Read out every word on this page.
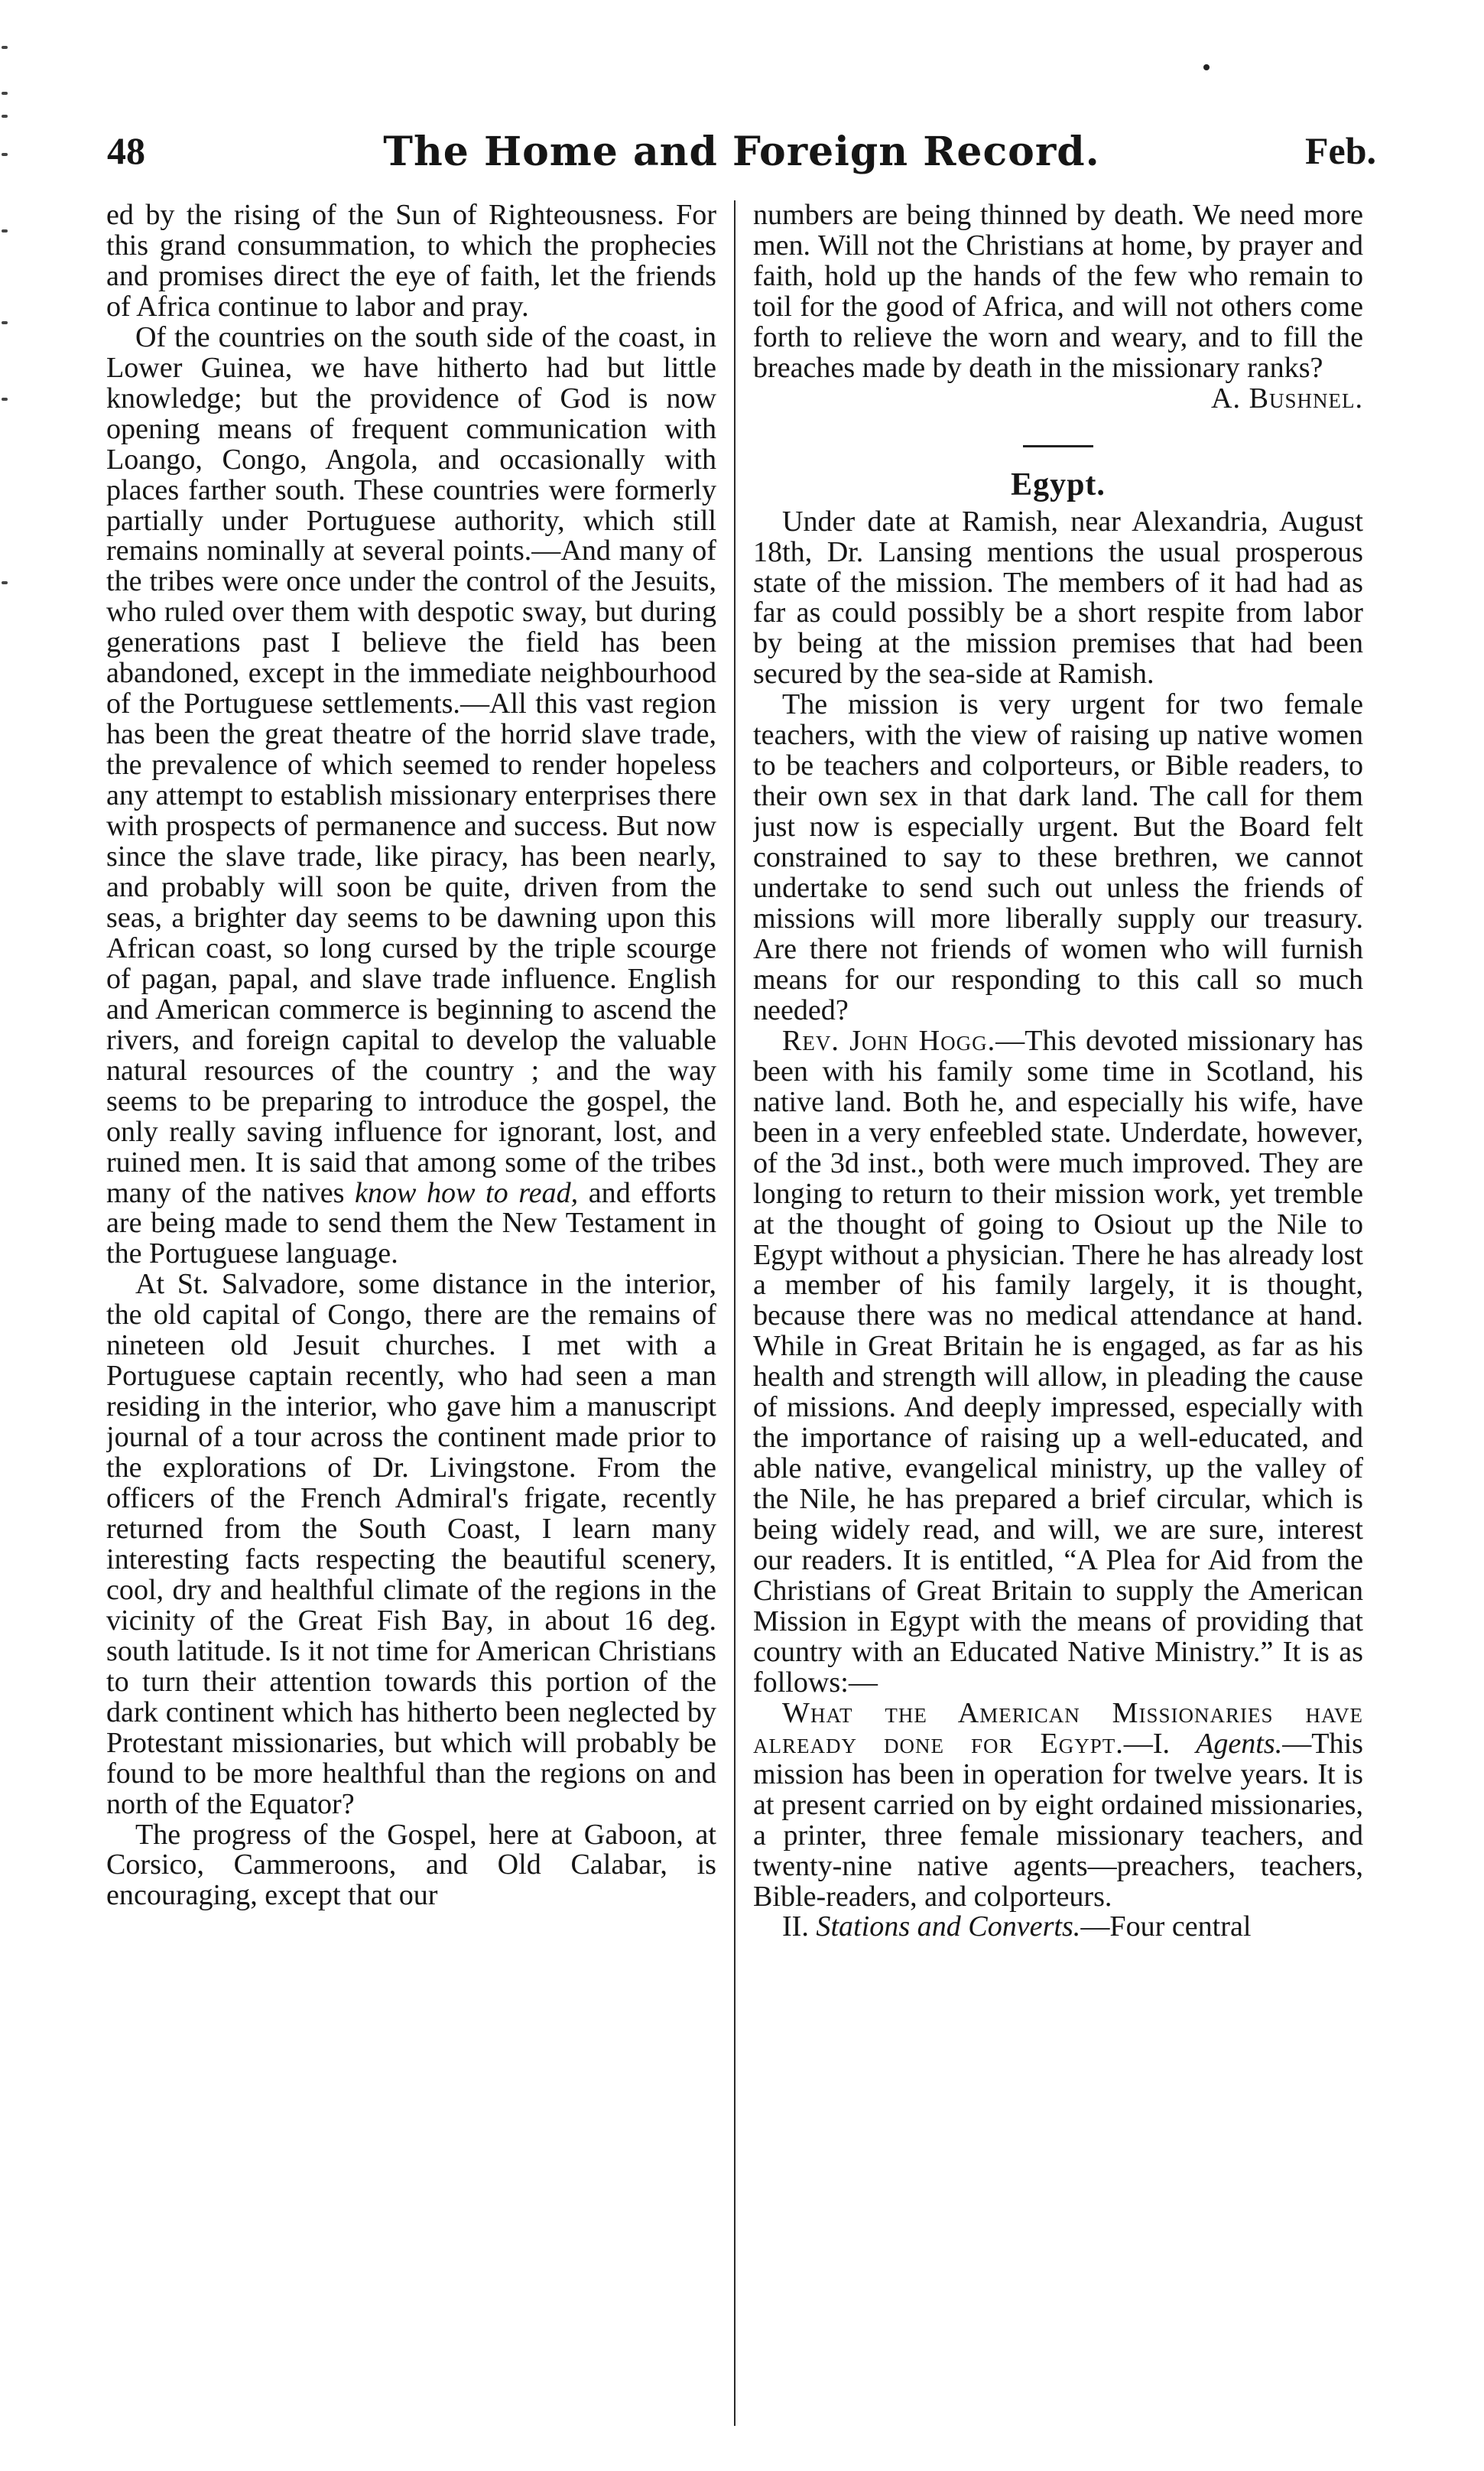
48	The Home and Foreign Record.	Feb.

ed by the rising of the Sun of Righteousness. For this grand consummation, to which the prophecies and promises direct the eye of faith, let the friends of Africa continue to labor and pray.

Of the countries on the south side of the coast, in Lower Guinea, we have hitherto had but little knowledge; but the providence of God is now opening means of frequent communication with Loango, Congo, Angola, and occasionally with places farther south. These countries were formerly partially under Portuguese authority, which still remains nominally at several points.—And many of the tribes were once under the control of the Jesuits, who ruled over them with despotic sway, but during generations past I believe the field has been abandoned, except in the immediate neighbourhood of the Portuguese settlements.—All this vast region has been the great theatre of the horrid slave trade, the prevalence of which seemed to render hopeless any attempt to establish missionary enterprises there with prospects of permanence and success. But now since the slave trade, like piracy, has been nearly, and probably will soon be quite, driven from the seas, a brighter day seems to be dawning upon this African coast, so long cursed by the triple scourge of pagan, papal, and slave trade influence. English and American commerce is beginning to ascend the rivers, and foreign capital to develop the valuable natural resources of the country ; and the way seems to be preparing to introduce the gospel, the only really saving influence for ignorant, lost, and ruined men. It is said that among some of the tribes many of the natives know how to read, and efforts are being made to send them the New Testament in the Portuguese language.

At St. Salvadore, some distance in the interior, the old capital of Congo, there are the remains of nineteen old Jesuit churches. I met with a Portuguese captain recently, who had seen a man residing in the interior, who gave him a manuscript journal of a tour across the continent made prior to the explorations of Dr. Livingstone. From the officers of the French Admiral's frigate, recently returned from the South Coast, I learn many interesting facts respecting the beautiful scenery, cool, dry and healthful climate of the regions in the vicinity of the Great Fish Bay, in about 16 deg. south latitude. Is it not time for American Christians to turn their attention towards this portion of the dark continent which has hitherto been neglected by Protestant missionaries, but which will probably be found to be more healthful than the regions on and north of the Equator?

The progress of the Gospel, here at Gaboon, at Corsico, Cammeroons, and Old Calabar, is encouraging, except that our

numbers are being thinned by death. We need more men. Will not the Christians at home, by prayer and faith, hold up the hands of the few who remain to toil for the good of Africa, and will not others come forth to relieve the worn and weary, and to fill the breaches made by death in the missionary ranks?

A. Bushnel.
Egypt.

Under date at Ramish, near Alexandria, August 18th, Dr. Lansing mentions the usual prosperous state of the mission. The members of it had had as far as could possibly be a short respite from labor by being at the mission premises that had been secured by the sea-side at Ramish.

The mission is very urgent for two female teachers, with the view of raising up native women to be teachers and colporteurs, or Bible readers, to their own sex in that dark land. The call for them just now is especially urgent. But the Board felt constrained to say to these brethren, we cannot undertake to send such out unless the friends of missions will more liberally supply our treasury. Are there not friends of women who will furnish means for our responding to this call so much needed?

Rev. John Hogg.—This devoted missionary has been with his family some time in Scotland, his native land. Both he, and especially his wife, have been in a very enfeebled state. Underdate, however, of the 3d inst., both were much improved. They are longing to return to their mission work, yet tremble at the thought of going to Osiout up the Nile to Egypt without a physician. There he has already lost a member of his family largely, it is thought, because there was no medical attendance at hand. While in Great Britain he is engaged, as far as his health and strength will allow, in pleading the cause of missions. And deeply impressed, especially with the importance of raising up a well-educated, and able native, evangelical ministry, up the valley of the Nile, he has prepared a brief circular, which is being widely read, and will, we are sure, interest our readers. It is entitled, “A Plea for Aid from the Christians of Great Britain to supply the American Mission in Egypt with the means of providing that country with an Educated Native Ministry.” It is as follows:—

What the American Missionaries have already done for Egypt.—I. Agents.—This mission has been in operation for twelve years. It is at present carried on by eight ordained missionaries, a printer, three female missionary teachers, and twenty-nine native agents—preachers, teachers, Bible-readers, and colporteurs.

II. Stations and Converts.—Four central
